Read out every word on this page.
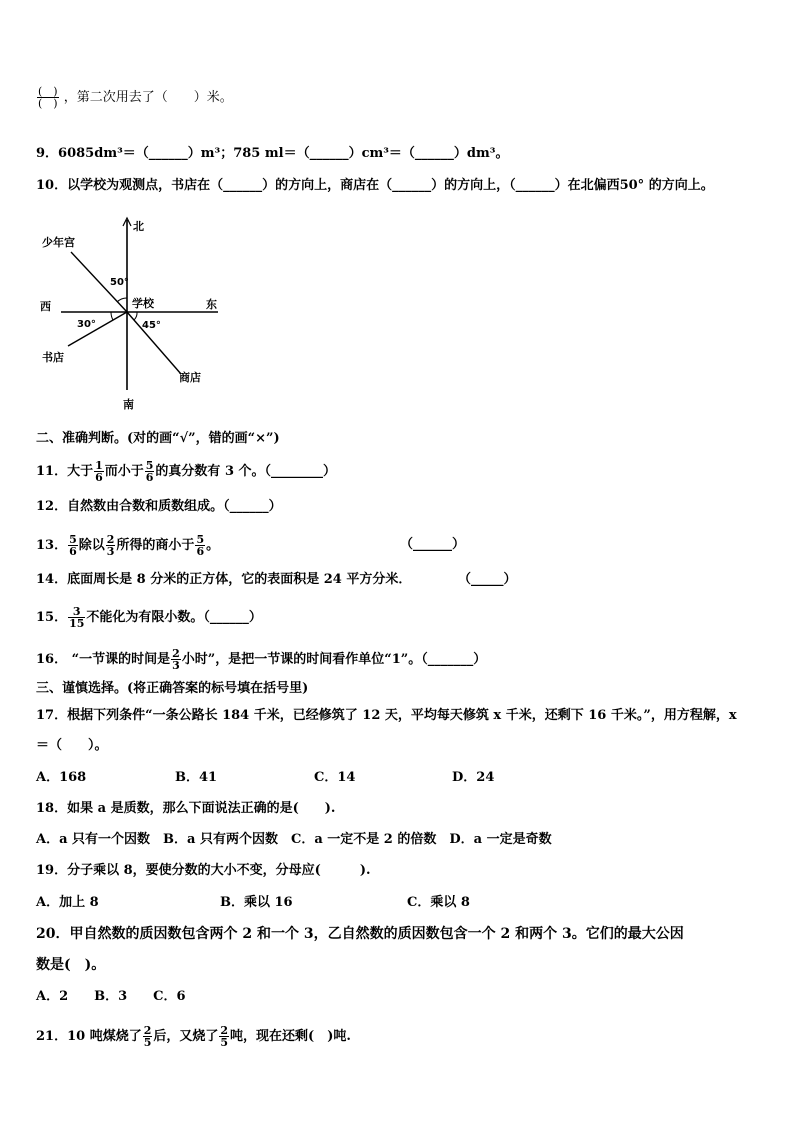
$\frac{( )}{( )}$ ，第二次用去了（　　）米。
9．6085dm³＝（______）m³；785 ml＝（______）cm³＝（______）dm³。
10．以学校为观测点，书店在（______）的方向上，商店在（______）的方向上，（______）在北偏西50° 的方向上。
北
南
东
西	学校
少年宫
书店
商店
50°
30°	45°
二、准确判断。(对的画“√”，错的画“×”)
11．大于 $\frac{1}{6}$ 而小于 $\frac{5}{6}$ 的真分数有 3 个。（________）
12．自然数由合数和质数组成。（______）
13． $\frac{5}{6}$ 除以 $\frac{2}{3}$ 所得的商小于 $\frac{5}{6}$ 。	（______）
14．底面周长是 8 分米的正方体，它的表面积是 24 平方分米．	（_____）
15． $\frac{3}{15}$ 不能化为有限小数。（______）
16． “一节课的时间是 $\frac{2}{3}$ 小时”，是把一节课的时间看作单位“1”。（_______）
三、谨慎选择。(将正确答案的标号填在括号里)
17．根据下列条件“一条公路长 184 千米，已经修筑了 12 天，平均每天修筑 x 千米，还剩下 16 千米。”，用方程解，x
＝（　　）。
A．168	B．41	C．14	D．24
18．如果 a 是质数，那么下面说法正确的是(　　).
A．a 只有一个因数　B．a 只有两个因数　C．a 一定不是 2 的倍数　D．a 一定是奇数
19．分子乘以 8，要使分数的大小不变，分母应(　　　).
A．加上 8	B．乘以 16	C．乘以 8
20．甲自然数的质因数包含两个 2 和一个 3，乙自然数的质因数包含一个 2 和两个 3。它们的最大公因
数是(　)。
A．2　　B．3　　C．6
21．10 吨煤烧了 $\frac{2}{5}$ 后，又烧了 $\frac{2}{5}$ 吨，现在还剩(　)吨.
